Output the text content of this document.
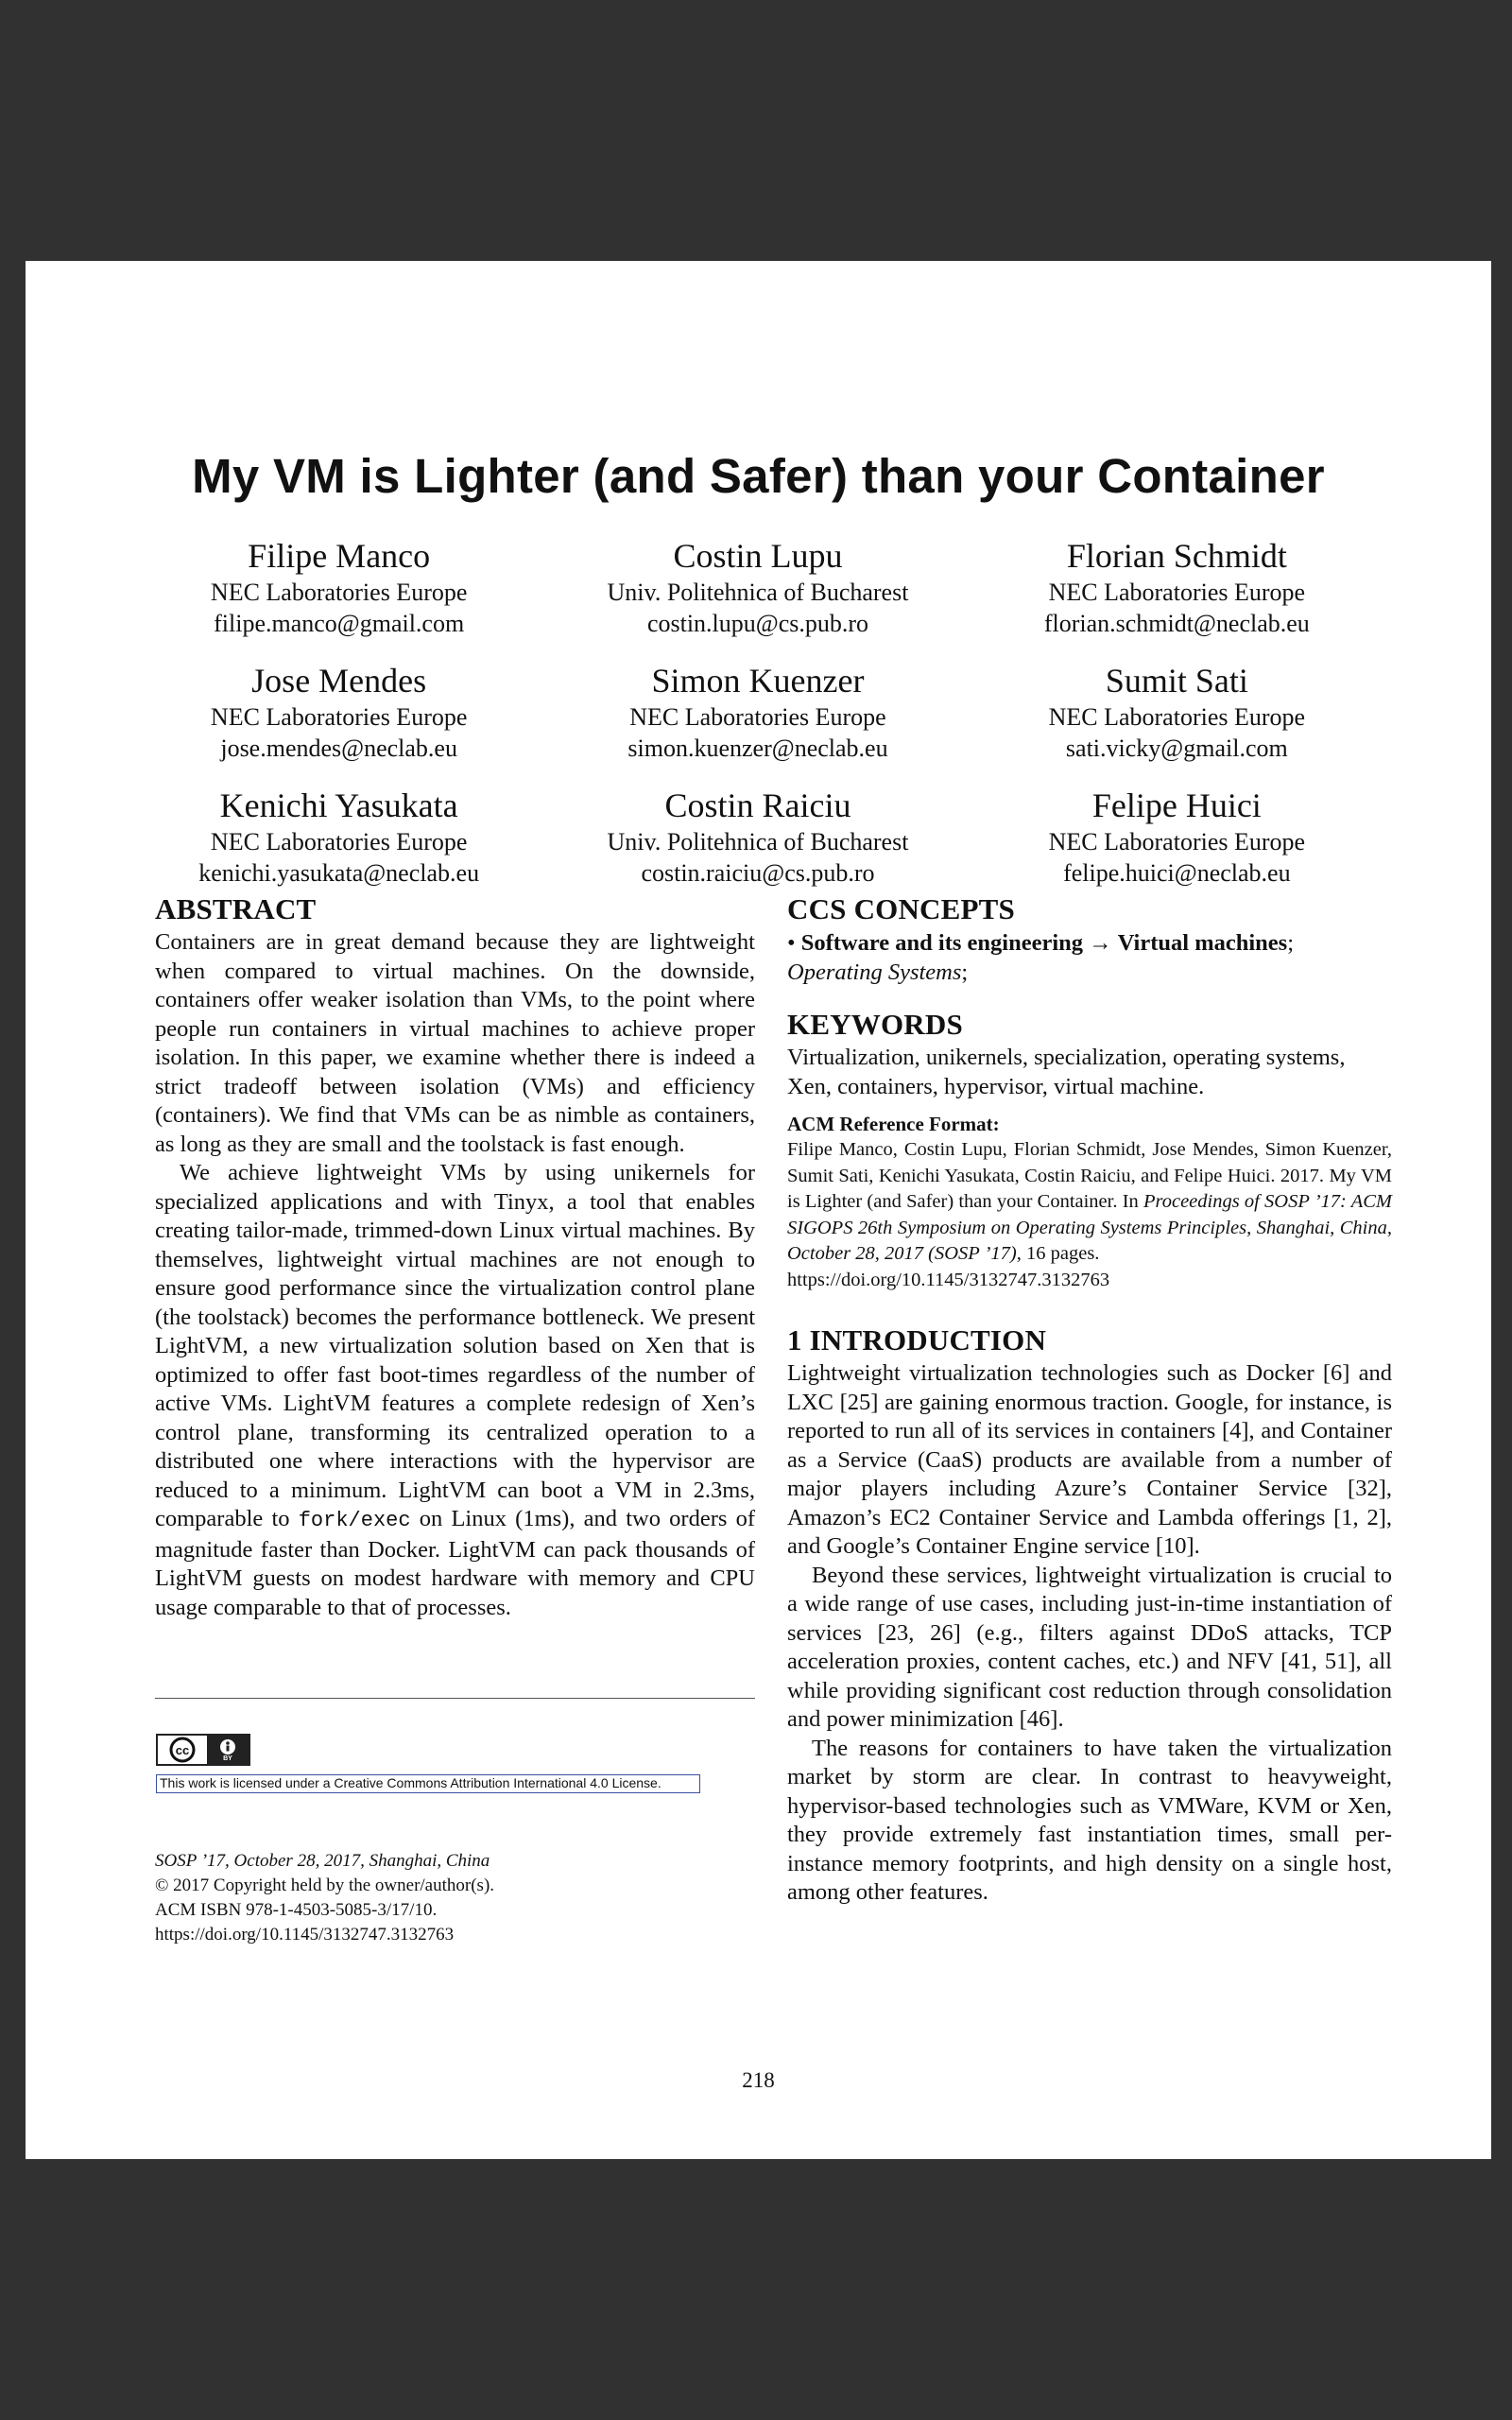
My VM is Lighter (and Safer) than your Container
Filipe Manco
NEC Laboratories Europe
filipe.manco@gmail.com
Costin Lupu
Univ. Politehnica of Bucharest
costin.lupu@cs.pub.ro
Florian Schmidt
NEC Laboratories Europe
florian.schmidt@neclab.eu
Jose Mendes
NEC Laboratories Europe
jose.mendes@neclab.eu
Simon Kuenzer
NEC Laboratories Europe
simon.kuenzer@neclab.eu
Sumit Sati
NEC Laboratories Europe
sati.vicky@gmail.com
Kenichi Yasukata
NEC Laboratories Europe
kenichi.yasukata@neclab.eu
Costin Raiciu
Univ. Politehnica of Bucharest
costin.raiciu@cs.pub.ro
Felipe Huici
NEC Laboratories Europe
felipe.huici@neclab.eu
ABSTRACT

Containers are in great demand because they are lightweight when compared to virtual machines. On the downside, containers offer weaker isolation than VMs, to the point where people run containers in virtual machines to achieve proper isolation. In this paper, we examine whether there is indeed a strict tradeoff between isolation (VMs) and efficiency (containers). We find that VMs can be as nimble as containers, as long as they are small and the toolstack is fast enough.

We achieve lightweight VMs by using unikernels for specialized applications and with Tinyx, a tool that enables creating tailor-made, trimmed-down Linux virtual machines. By themselves, lightweight virtual machines are not enough to ensure good performance since the virtualization control plane (the toolstack) becomes the performance bottleneck. We present LightVM, a new virtualization solution based on Xen that is optimized to offer fast boot-times regardless of the number of active VMs. LightVM features a complete redesign of Xen’s control plane, transforming its centralized operation to a distributed one where interactions with the hypervisor are reduced to a minimum. LightVM can boot a VM in 2.3ms, comparable to fork/exec on Linux (1ms), and two orders of magnitude faster than Docker. LightVM can pack thousands of LightVM guests on modest hardware with memory and CPU usage comparable to that of processes.

cc
BY
This work is licensed under a Creative Commons Attribution International 4.0 License.
SOSP ’17, October 28, 2017, Shanghai, China
© 2017 Copyright held by the owner/author(s).
ACM ISBN 978-1-4503-5085-3/17/10.
https://doi.org/10.1145/3132747.3132763
CCS CONCEPTS

• Software and its engineering → Virtual machines;
Operating Systems;

KEYWORDS

Virtualization, unikernels, specialization, operating systems, Xen, containers, hypervisor, virtual machine.

ACM Reference Format:

Filipe Manco, Costin Lupu, Florian Schmidt, Jose Mendes, Simon Kuenzer, Sumit Sati, Kenichi Yasukata, Costin Raiciu, and Felipe Huici. 2017. My VM is Lighter (and Safer) than your Container. In Proceedings of SOSP ’17: ACM SIGOPS 26th Symposium on Operating Systems Principles, Shanghai, China, October 28, 2017 (SOSP ’17), 16 pages.
https://doi.org/10.1145/3132747.3132763

1 INTRODUCTION

Lightweight virtualization technologies such as Docker [6] and LXC [25] are gaining enormous traction. Google, for instance, is reported to run all of its services in containers [4], and Container as a Service (CaaS) products are available from a number of major players including Azure’s Container Service [32], Amazon’s EC2 Container Service and Lambda offerings [1, 2], and Google’s Container Engine service [10].

Beyond these services, lightweight virtualization is crucial to a wide range of use cases, including just-in-time instantiation of services [23, 26] (e.g., filters against DDoS attacks, TCP acceleration proxies, content caches, etc.) and NFV [41, 51], all while providing significant cost reduction through consolidation and power minimization [46].

The reasons for containers to have taken the virtualization market by storm are clear. In contrast to heavyweight, hypervisor-based technologies such as VMWare, KVM or Xen, they provide extremely fast instantiation times, small per-instance memory footprints, and high density on a single host, among other features.

218
